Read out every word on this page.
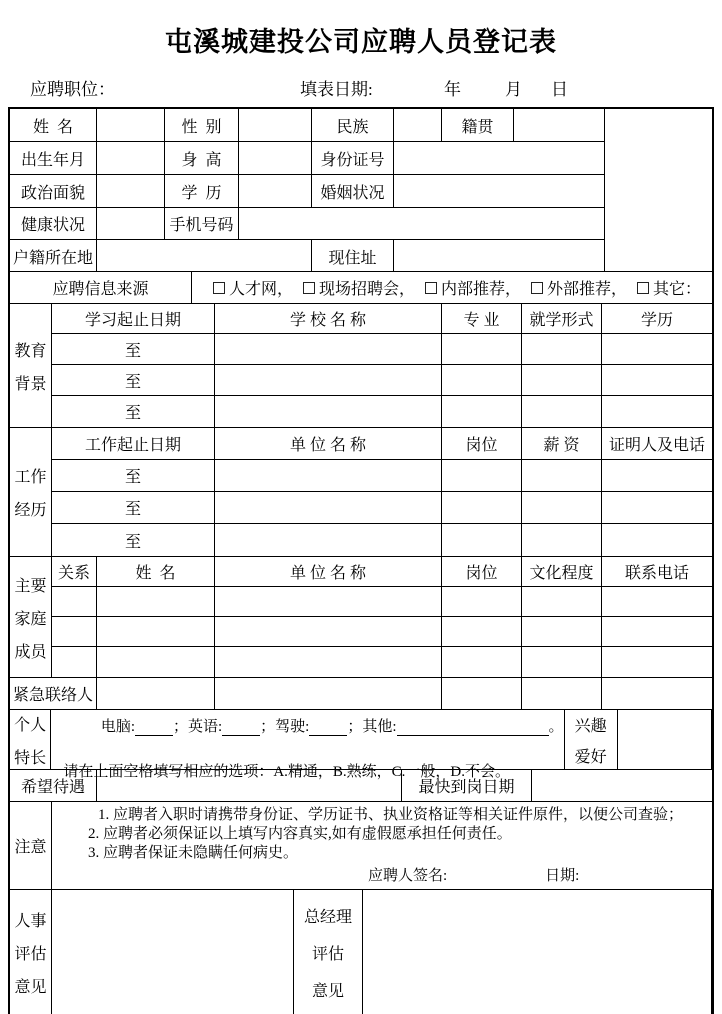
屯溪城建投公司应聘人员登记表
应聘职位：	填表日期:	年	月 日
姓  名	性  别	民族	籍贯
出生年月	身  高	身份证号
政治面貌	学  历	婚姻状况
健康状况	手机号码
户籍所在地	现住址
应聘信息来源	人才网， 现场招聘会， 内部推荐， 外部推荐， 其它：
教育
背景
学习起止日期	学 校 名 称	专 业	就学形式	学历
至
至
至
工作
经历
工作起止日期	单 位 名 称	岗位	薪 资	证明人及电话
至
至
至
主要
家庭
成员
关系	姓  名	单 位 名 称	岗位	文化程度	联系电话
紧急联络人
个人
特长

电脑:	；英语:	；驾驶:	；其他:	。

请在上面空格填写相应的选项：A.精通，B.熟练，C.一般，D.不会。
兴趣
爱好
希望待遇	最快到岗日期
注意
1. 应聘者入职时请携带身份证、学历证书、执业资格证等相关证件原件，以便公司查验；
2. 应聘者必须保证以上填写内容真实,如有虚假愿承担任何责任。
3. 应聘者保证未隐瞒任何病史。
应聘人签名:	日期:
人事
评估
意见
总经理
评估
意见
